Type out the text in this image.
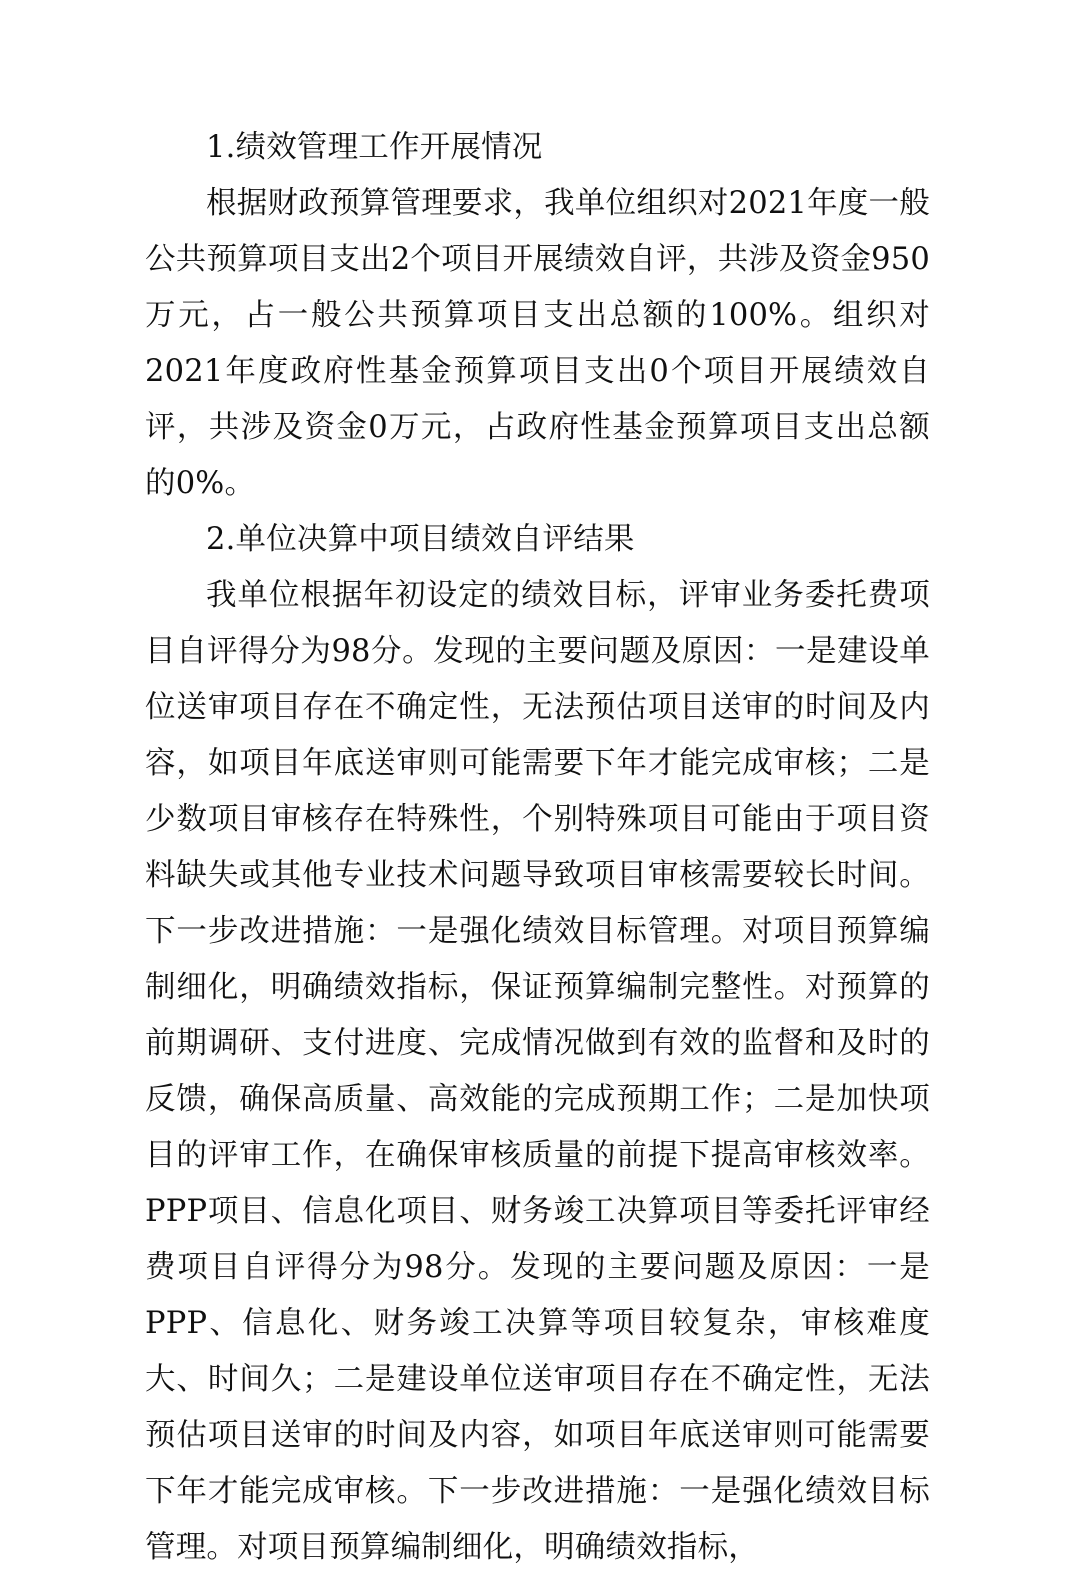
1.绩效管理工作开展情况

根据财政预算管理要求，我单位组织对2021年度一般公共预算项目支出2个项目开展绩效自评，共涉及资金950万元，占一般公共预算项目支出总额的100%。组织对2021年度政府性基金预算项目支出0个项目开展绩效自评，共涉及资金0万元，占政府性基金预算项目支出总额的0%。

2.单位决算中项目绩效自评结果

我单位根据年初设定的绩效目标，评审业务委托费项目自评得分为98分。发现的主要问题及原因：一是建设单位送审项目存在不确定性，无法预估项目送审的时间及内容，如项目年底送审则可能需要下年才能完成审核；二是少数项目审核存在特殊性，个别特殊项目可能由于项目资料缺失或其他专业技术问题导致项目审核需要较长时间。下一步改进措施：一是强化绩效目标管理。对项目预算编制细化，明确绩效指标，保证预算编制完整性。对预算的前期调研、支付进度、完成情况做到有效的监督和及时的反馈，确保高质量、高效能的完成预期工作；二是加快项目的评审工作，在确保审核质量的前提下提高审核效率。PPP项目、信息化项目、财务竣工决算项目等委托评审经费项目自评得分为98分。发现的主要问题及原因：一是PPP、信息化、财务竣工决算等项目较复杂，审核难度大、时间久；二是建设单位送审项目存在不确定性，无法预估项目送审的时间及内容，如项目年底送审则可能需要下年才能完成审核。下一步改进措施：一是强化绩效目标管理。对项目预算编制细化，明确绩效指标，
